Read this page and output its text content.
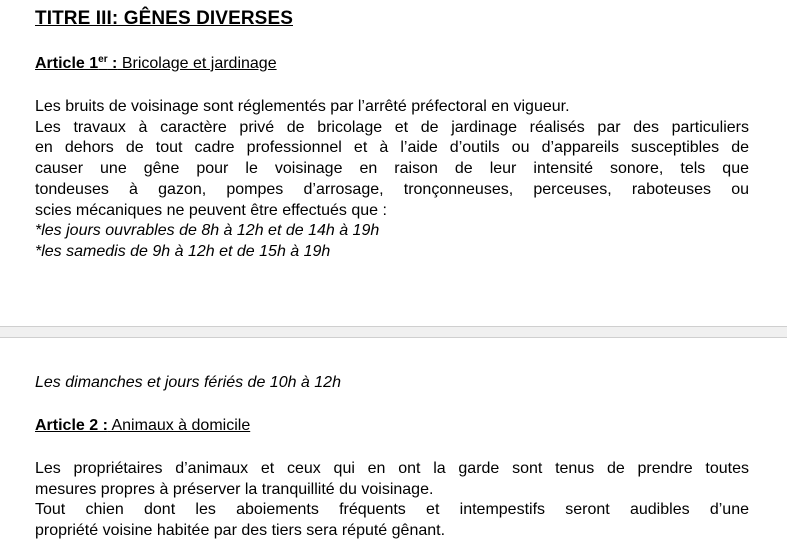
TITRE III: GÊNES DIVERSES
Article 1er : Bricolage et jardinage
Les bruits de voisinage sont réglementés par l’arrêté préfectoral en vigueur.
Les travaux à caractère privé de bricolage et de jardinage réalisés par des particuliers
en dehors de tout cadre professionnel et à l’aide d’outils ou d’appareils susceptibles de
causer une gêne pour le voisinage en raison de leur intensité sonore, tels que
tondeuses à gazon, pompes d’arrosage, tronçonneuses, perceuses, raboteuses ou
scies mécaniques ne peuvent être effectués que :
*les jours ouvrables de 8h à 12h et de 14h à 19h
*les samedis de 9h à 12h et de 15h à 19h
Les dimanches et jours fériés de 10h à 12h
Article 2 : Animaux à domicile
Les propriétaires d’animaux et ceux qui en ont la garde sont tenus de prendre toutes
mesures propres à préserver la tranquillité du voisinage.
Tout chien dont les aboiements fréquents et intempestifs seront audibles d’une
propriété voisine habitée par des tiers sera réputé gênant.
